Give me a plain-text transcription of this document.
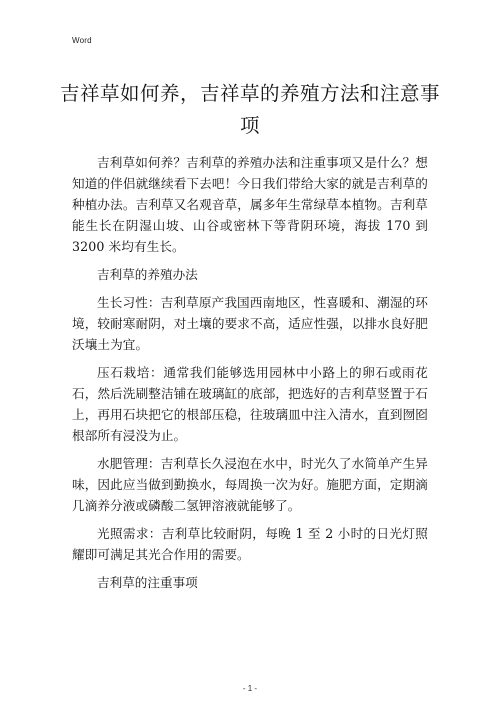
Word
吉祥草如何养，吉祥草的养殖方法和注意事项

吉利草如何养？吉利草的养殖办法和注重事项又是什么？想知道的伴侣就继续看下去吧！今日我们带给大家的就是吉利草的种植办法。吉利草又名观音草，属多年生常绿草本植物。吉利草能生长在阴湿山坡、山谷或密林下等背阴环境，海拔 170 到 3200 米均有生长。

吉利草的养殖办法

生长习性：吉利草原产我国西南地区，性喜暖和、潮湿的环境，较耐寒耐阴，对土壤的要求不高，适应性强，以排水良好肥沃壤土为宜。

压石栽培：通常我们能够选用园林中小路上的卵石或雨花石，然后洗刷整洁铺在玻璃缸的底部，把选好的吉利草竖置于石上，再用石块把它的根部压稳，往玻璃皿中注入清水，直到囫囵根部所有浸没为止。

水肥管理：吉利草长久浸泡在水中，时光久了水简单产生异味，因此应当做到勤换水，每周换一次为好。施肥方面，定期滴几滴养分液或磷酸二氢钾溶液就能够了。

光照需求：吉利草比较耐阴，每晚 1 至 2 小时的日光灯照耀即可满足其光合作用的需要。

吉利草的注重事项

- 1 -
